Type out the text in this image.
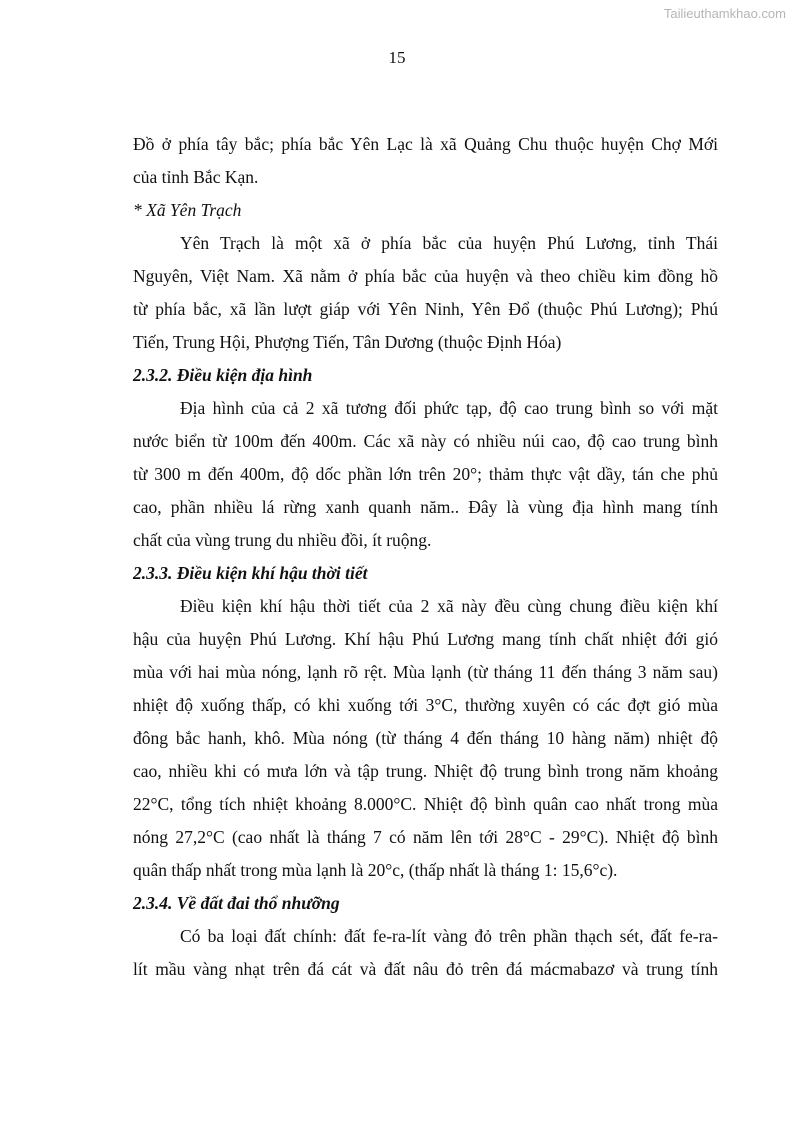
Tailieuthamkhao.com
15
Đồ ở phía tây bắc; phía bắc Yên Lạc là xã Quảng Chu thuộc huyện Chợ Mới
của tỉnh Bắc Kạn.
* Xã Yên Trạch
Yên Trạch là một xã ở phía bắc của huyện Phú Lương, tỉnh Thái
Nguyên, Việt Nam. Xã nằm ở phía bắc của huyện và theo chiều kim đồng hồ
từ phía bắc, xã lần lượt giáp với Yên Ninh, Yên Đổ (thuộc Phú Lương); Phú
Tiến, Trung Hội, Phượng Tiến, Tân Dương (thuộc Định Hóa)
2.3.2. Điều kiện địa hình
Địa hình của cả 2 xã tương đối phức tạp, độ cao trung bình so với mặt
nước biển từ 100m đến 400m. Các xã này có nhiều núi cao, độ cao trung bình
từ 300 m đến 400m, độ dốc phần lớn trên 20°; thảm thực vật dầy, tán che phủ
cao, phần nhiều lá rừng xanh quanh năm.. Đây là vùng địa hình mang tính
chất của vùng trung du nhiều đồi, ít ruộng.
2.3.3. Điều kiện khí hậu thời tiết
Điều kiện khí hậu thời tiết của 2 xã này đều cùng chung điều kiện khí
hậu của huyện Phú Lương. Khí hậu Phú Lương mang tính chất nhiệt đới gió
mùa với hai mùa nóng, lạnh rõ rệt. Mùa lạnh (từ tháng 11 đến tháng 3 năm sau)
nhiệt độ xuống thấp, có khi xuống tới 3°C, thường xuyên có các đợt gió mùa
đông bắc hanh, khô. Mùa nóng (từ tháng 4 đến tháng 10 hàng năm) nhiệt độ
cao, nhiều khi có mưa lớn và tập trung. Nhiệt độ trung bình trong năm khoảng
22°C, tổng tích nhiệt khoảng 8.000°C. Nhiệt độ bình quân cao nhất trong mùa
nóng 27,2°C (cao nhất là tháng 7 có năm lên tới 28°C - 29°C). Nhiệt độ bình
quân thấp nhất trong mùa lạnh là 20°c, (thấp nhất là tháng 1: 15,6°c).
2.3.4. Về đất đai thổ nhưỡng
Có ba loại đất chính: đất fe-ra-lít vàng đỏ trên phần thạch sét, đất fe-ra-
lít mầu vàng nhạt trên đá cát và đất nâu đỏ trên đá mácmabazơ và trung tính
